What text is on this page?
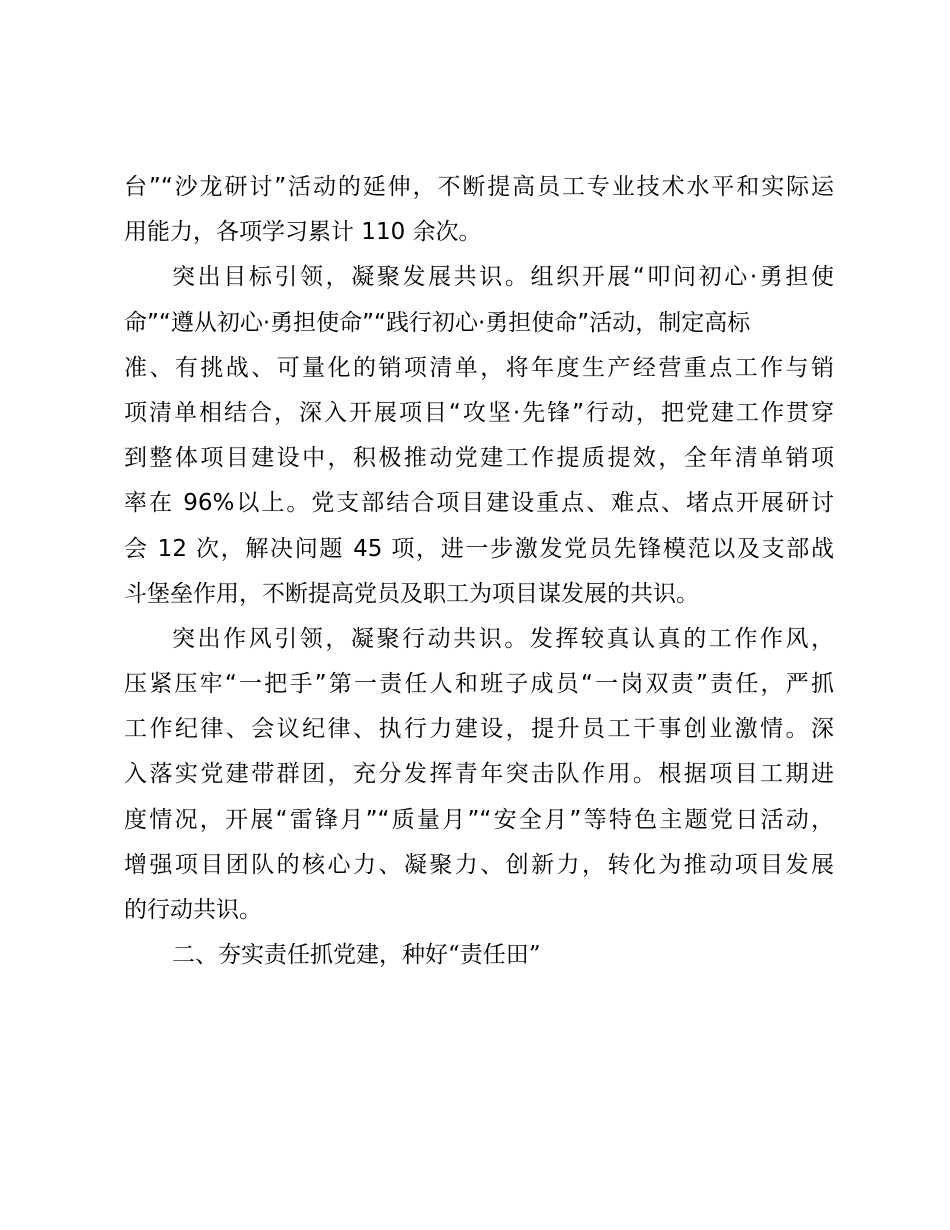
台”“沙龙研讨”活动的延伸，不断提高员工专业技术水平和实际运
用能力，各项学习累计 110 余次。
突出目标引领，凝聚发展共识。组织开展“叩问初心·勇担使
命”“遵从初心·勇担使命”“践行初心·勇担使命”活动，制定高标
准、有挑战、可量化的销项清单，将年度生产经营重点工作与销
项清单相结合，深入开展项目“攻坚·先锋”行动，把党建工作贯穿
到整体项目建设中，积极推动党建工作提质提效，全年清单销项
率在 96%以上。党支部结合项目建设重点、难点、堵点开展研讨
会 12 次，解决问题 45 项，进一步激发党员先锋模范以及支部战
斗堡垒作用，不断提高党员及职工为项目谋发展的共识。
突出作风引领，凝聚行动共识。发挥较真认真的工作作风，
压紧压牢“一把手”第一责任人和班子成员“一岗双责”责任，严抓
工作纪律、会议纪律、执行力建设，提升员工干事创业激情。深
入落实党建带群团，充分发挥青年突击队作用。根据项目工期进
度情况，开展“雷锋月”“质量月”“安全月”等特色主题党日活动，
增强项目团队的核心力、凝聚力、创新力，转化为推动项目发展
的行动共识。
二、夯实责任抓党建，种好“责任田”
